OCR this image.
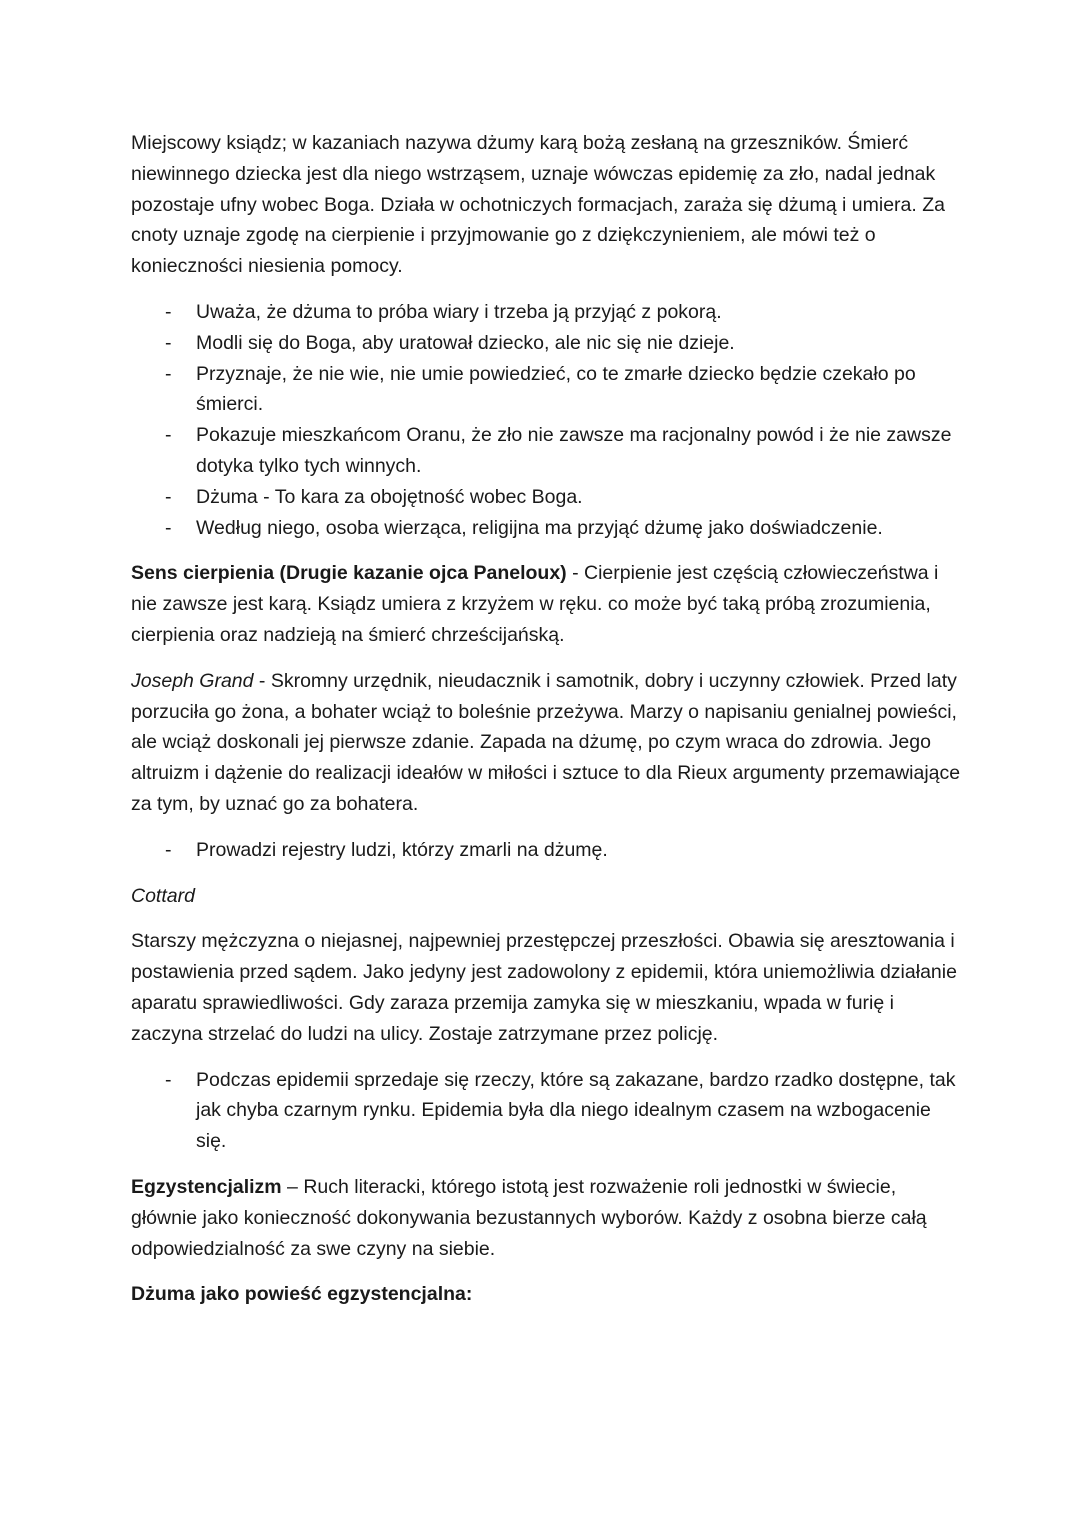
Miejscowy ksiądz; w kazaniach nazywa dżumy karą bożą zesłaną na grzeszników. Śmierć niewinnego dziecka jest dla niego wstrząsem, uznaje wówczas epidemię za zło, nadal jednak pozostaje ufny wobec Boga. Działa w ochotniczych formacjach, zaraża się dżumą i umiera. Za cnoty uznaje zgodę na cierpienie i przyjmowanie go z dziękczynieniem, ale mówi też o konieczności niesienia pomocy.

- Uważa, że dżuma to próba wiary i trzeba ją przyjąć z pokorą.
- Modli się do Boga, aby uratował dziecko, ale nic się nie dzieje.
- Przyznaje, że nie wie, nie umie powiedzieć, co te zmarłe dziecko będzie czekało po śmierci.
- Pokazuje mieszkańcom Oranu, że zło nie zawsze ma racjonalny powód i że nie zawsze dotyka tylko tych winnych.
- Dżuma - To kara za obojętność wobec Boga.
- Według niego, osoba wierząca, religijna ma przyjąć dżumę jako doświadczenie.

Sens cierpienia (Drugie kazanie ojca Paneloux) - Cierpienie jest częścią człowieczeństwa i nie zawsze jest karą. Ksiądz umiera z krzyżem w ręku. co może być taką próbą zrozumienia, cierpienia oraz nadzieją na śmierć chrześcijańską.

Joseph Grand - Skromny urzędnik, nieudacznik i samotnik, dobry i uczynny człowiek. Przed laty porzuciła go żona, a bohater wciąż to boleśnie przeżywa. Marzy o napisaniu genialnej powieści, ale wciąż doskonali jej pierwsze zdanie. Zapada na dżumę, po czym wraca do zdrowia. Jego altruizm i dążenie do realizacji ideałów w miłości i sztuce to dla Rieux argumenty przemawiające za tym, by uznać go za bohatera.

- Prowadzi rejestry ludzi, którzy zmarli na dżumę.

Cottard

Starszy mężczyzna o niejasnej, najpewniej przestępczej przeszłości. Obawia się aresztowania i postawienia przed sądem. Jako jedyny jest zadowolony z epidemii, która uniemożliwia działanie aparatu sprawiedliwości. Gdy zaraza przemija zamyka się w mieszkaniu, wpada w furię i zaczyna strzelać do ludzi na ulicy. Zostaje zatrzymane przez policję.

- Podczas epidemii sprzedaje się rzeczy, które są zakazane, bardzo rzadko dostępne, tak jak chyba czarnym rynku. Epidemia była dla niego idealnym czasem na wzbogacenie się.

Egzystencjalizm – Ruch literacki, którego istotą jest rozważenie roli jednostki w świecie, głównie jako konieczność dokonywania bezustannych wyborów. Każdy z osobna bierze całą odpowiedzialność za swe czyny na siebie.

Dżuma jako powieść egzystencjalna:
